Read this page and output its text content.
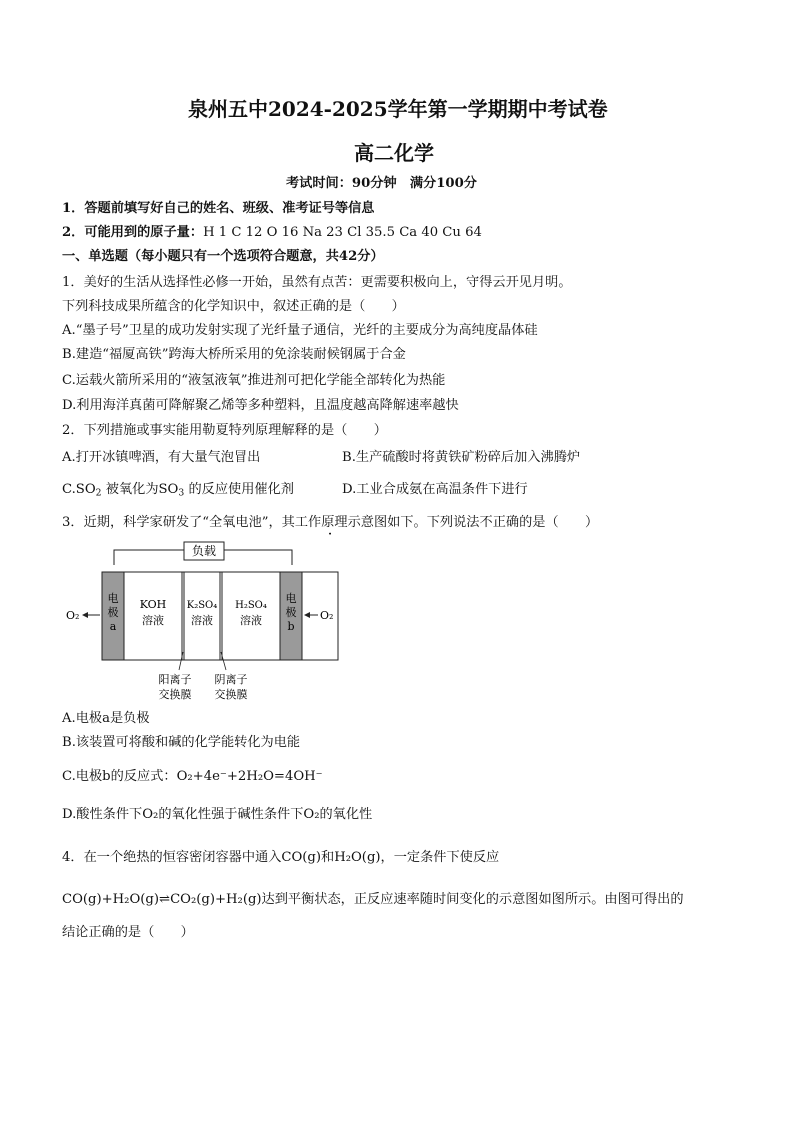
泉州五中2024-2025学年第一学期期中考试卷
高二化学
考试时间：90分钟　满分100分
1．答题前填写好自己的姓名、班级、准考证号等信息
2．可能用到的原子量：H 1 C 12 O 16 Na 23 Cl 35.5 Ca 40 Cu 64
一、单选题（每小题只有一个选项符合题意，共42分）
1．美好的生活从选择性必修一开始，虽然有点苦：更需要积极向上，守得云开见月明。
下列科技成果所蕴含的化学知识中，叙述正确的是（　　）
A.“墨子号”卫星的成功发射实现了光纤量子通信，光纤的主要成分为高纯度晶体硅
B.建造“福厦高铁”跨海大桥所采用的免涂装耐候钢属于合金
C.运载火箭所采用的“液氢液氧”推进剂可把化学能全部转化为热能
D.利用海洋真菌可降解聚乙烯等多种塑料，且温度越高降解速率越快
2．下列措施或事实能用勒夏特列原理解释的是（　　）
A.打开冰镇啤酒，有大量气泡冒出	B.生产硫酸时将黄铁矿粉碎后加入沸腾炉
$C.SO_2$ 被氧化为$SO_3$ 的反应使用催化剂	D.工业合成氨在高温条件下进行
3．近期，科学家研发了“全氧电池”，其工作原理示意图如下。下列说法不 ·正 ·确 ·的是（　　）
负载
电
极
a
电
极
b
KOH
溶液
K₂SO₄
溶液
H₂SO₄
溶液
O₂	O₂
阳离子
交换膜
阴离子
交换膜
A.电极a是负极
B.该装置可将酸和碱的化学能转化为电能
C.电极b的反应式：O₂+4e⁻+2H₂O=4OH⁻
D.酸性条件下O₂的氧化性强于碱性条件下O₂的氧化性
4．在一个绝热的恒容密闭容器中通入CO(g)和H₂O(g)，一定条件下使反应
CO(g)+H₂O(g)⇌CO₂(g)+H₂(g)达到平衡状态，正反应速率随时间变化的示意图如图所示。由图可得出的
结论正确的是（　　）
